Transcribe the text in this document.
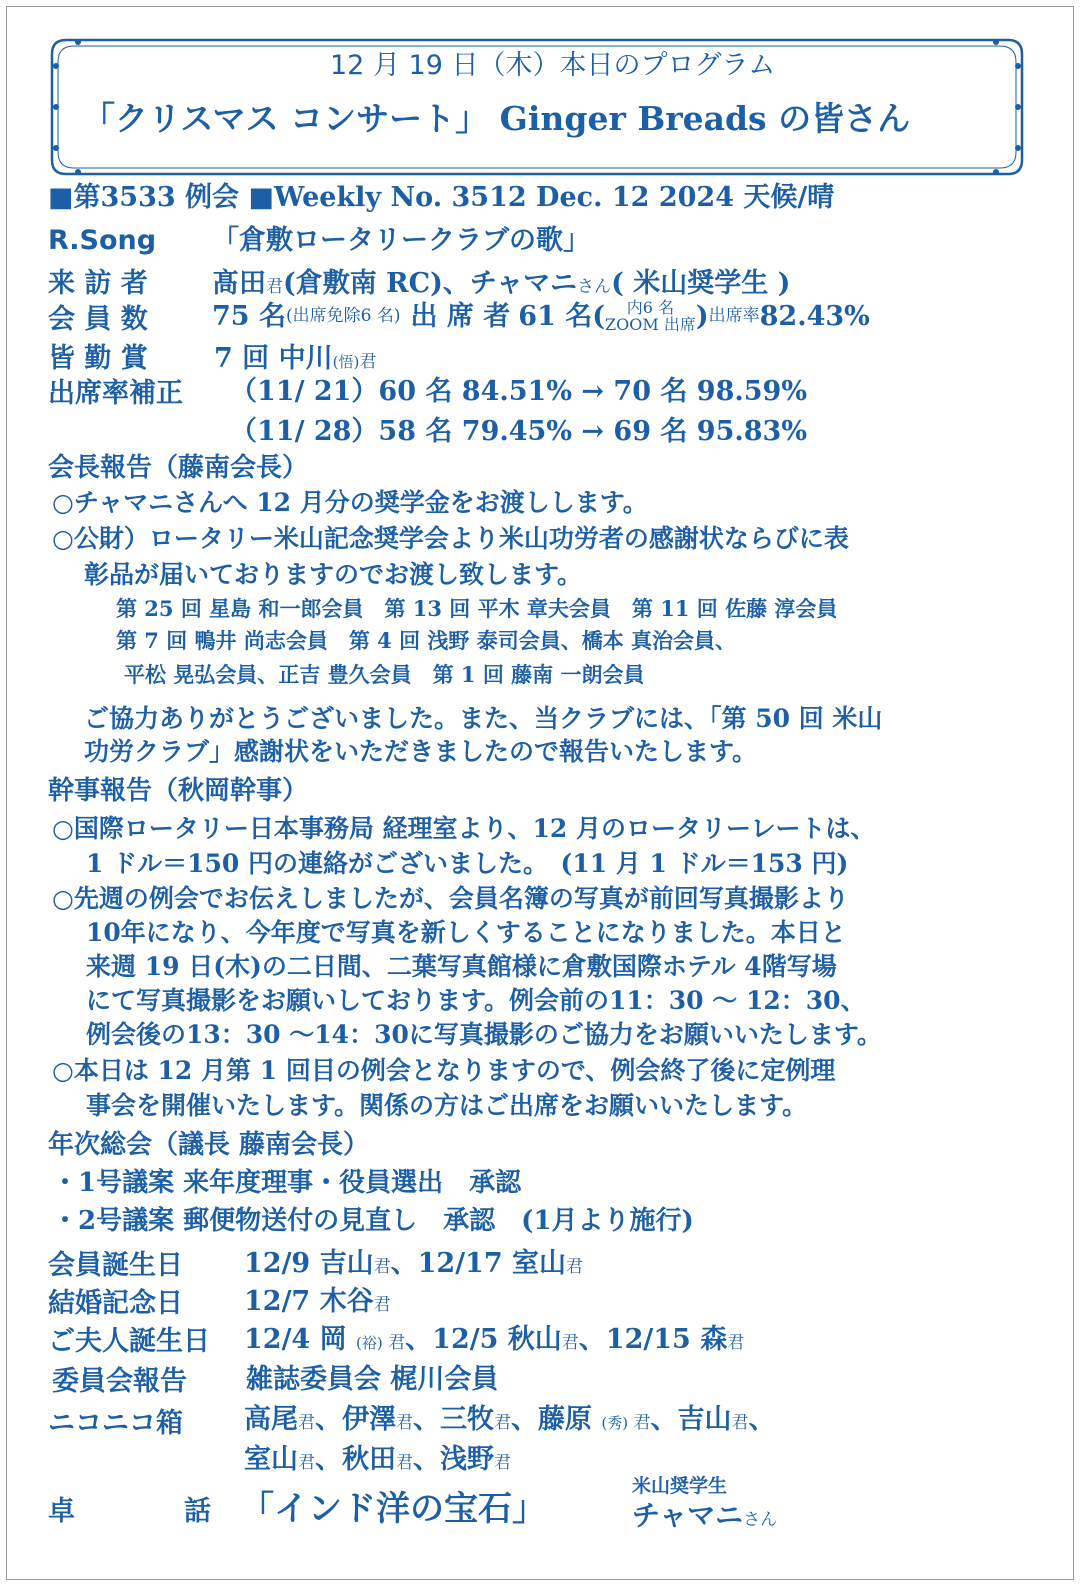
12 月 19 日（木）本日のプログラム
「クリスマス コンサート」 Ginger Breads の皆さん
■第3533 例会 ■Weekly No. 3512 Dec. 12 2024 天候/晴
R.Song 「倉敷ロータリークラブの歌」
来 訪 者 髙田君(倉敷南 RC)、チャマニさん( 米山奨学生 )
会 員 数 75 名 (出席免除6 名) 出 席 者 61 名(	内6 名
ZOOM 出席 ) 出席率 82.43%
皆 勤 賞 7 回 中川(悟)君
出席率補正 （11/ 21）60 名 84.51% → 70 名 98.59%
（11/ 28）58 名 79.45% → 69 名 95.83%
会長報告（藤南会長）
○チャマニさんへ 12 月分の奨学金をお渡しします。
○公財）ロータリー米山記念奨学会より米山功労者の感謝状ならびに表
彰品が届いておりますのでお渡し致します。
第 25 回 星島 和一郎会員　第 13 回 平木 章夫会員　第 11 回 佐藤 淳会員
第 7 回 鴨井 尚志会員　第 4 回 浅野 泰司会員、橋本 真治会員、
平松 晃弘会員、正吉 豊久会員　第 1 回 藤南 一朗会員
ご協力ありがとうございました。また、当クラブには、「第 50 回 米山
功労クラブ」感謝状をいただきましたので報告いたします。
幹事報告（秋岡幹事）
○国際ロータリー日本事務局 経理室より、12 月のロータリーレートは、
1 ドル＝150 円の連絡がございました。　(11 月 1 ドル＝153 円)
○先週の例会でお伝えしましたが、会員名簿の写真が前回写真撮影より
10年になり、今年度で写真を新しくすることになりました。本日と
来週 19 日(木)の二日間、二葉写真館様に倉敷国際ホテル 4階写場
にて写真撮影をお願いしております。例会前の11：30 ～ 12：30、
例会後の13：30 ～14：30に写真撮影のご協力をお願いいたします。
○本日は 12 月第 1 回目の例会となりますので、例会終了後に定例理
事会を開催いたします。関係の方はご出席をお願いいたします。
年次総会（議長 藤南会長）
・1号議案 来年度理事・役員選出　承認
・2号議案 郵便物送付の見直し　承認　(1月より施行)
会員誕生日 12/9 吉山君、12/17 室山君
結婚記念日 12/7 木谷君
ご夫人誕生日 12/4 岡 (裕) 君、12/5 秋山君、12/15 森君
委員会報告 雑誌委員会 梶川会員
ニコニコ箱 高尾君、伊澤君、三牧君、藤原 (秀) 君、吉山君、
室山君、秋田君、浅野君
卓	話 「インド洋の宝石」
米山奨学生
チャマニさん
